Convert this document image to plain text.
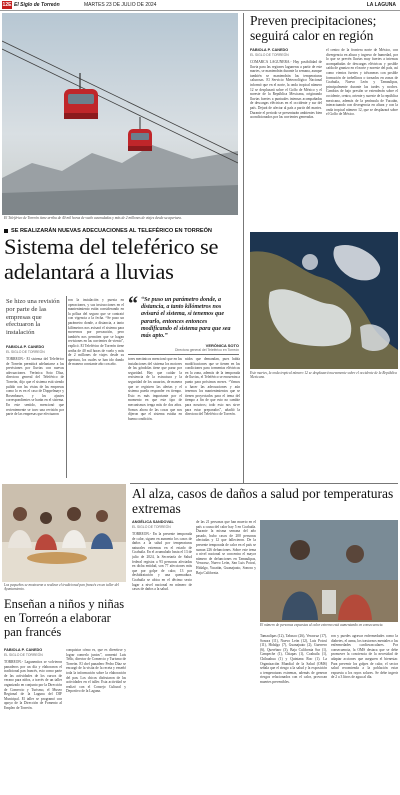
12E El Siglo de Torreón	MARTES 23 DE JULIO DE 2024	LA LAGUNA
El Teleférico de Torreón tiene arriba de 40 mil horas de vuelo acumuladas y más de 2 millones de viajes desde su apertura.
SE REALIZARÁN NUEVAS ADECUACIONES AL TELEFÉRICO EN TORREÓN
Sistema del teleférico se adelantará a lluvias
Se hizo una revisión por parte de las empresas que efectuaron la instalación
FABIOLA P. CANEDO
EL SIGLO DE TORREÓN
TORREÓN.- El sistema del Teleférico de Torreón permitirá adelantarse a las previsiones por lluvias con nuevas adecuaciones. Verónica Soto Díaz, directora general del Teleférico de Torreón, dijo que el sistema está siendo pulido con las vistas de las empresas como lo es en el caso de Doppelmayr y Rosenbauer, y los ajustes correspondientes se harán en el sistema. En este sentido, mencionó que recientemente se tuvo una revisión por parte de las empresas que efectuaron
ron la instalación y puesta en operaciones, y sus instrucciones en el mantenimiento están considerando en la póliza del seguro que se contrató con vigencia a la fecha. “Se puso un parámetro donde, a distancia, a tanto kilómetros nos avisará el sistema para movernos por precaución, pero también nos permiten que se hagan revisiones en las corrientes de viento”, explicó. El Teleférico de Torreón tiene arriba de 40 mil horas de vuelo y más de 2 millones de viajes desde su apertura, los cuales se han ido dando de manera constante año con año.
“ “Se puso un parámetro donde, a distancia, a tanto kilómetros nos avisará el sistema, si tenemos que pararlo, entonces entonces modificando el sistema para que sea más apto.”
VERÓNICA SOTO
Directora general del Teleférico en Torreón
tores mecánicos mencionó que en las instalaciones del sistema los motores de las góndolas tiene que parar por seguridad. Hay que cuidar la resistencia de la estructura y la seguridad de los usuarios, de manera que se registren las alertas y el sistema pueda responder en tiempo. Esto es más importante por el momento en que este tipo de mecanismos tenga más de dos años. Somos ahora de las cosas que nos dijeron que el sistema estaba en buena condición.
nidos que demandan, pues había modificaciones que se tienen en las condiciones para tormentas eléctricas en la zona, además de la temporada de lluvias, el Teleférico se encuentra a punto para próximos meses. “Vamos a hacer las adecuaciones y aún tenemos los mantenimientos que se tienen proyectados para el tema del tiempo a fin de que esto no cambie para nosotros; todo esto nos sirve para estar preparados”, añadió la directora del Teleférico de Torreón.
Preven precipitaciones; seguirá calor en región
FABIOLA P. CANEDO
EL SIGLO DE TORREÓN
COMARCA LAGUNERA.- Hay posibilidad de lluvia para las regiones laguneras a partir de este martes, se mantendrán durante la semana, aunque también se mantendrán las temperaturas calurosas. El Servicio Meteorológico Nacional informó que en el norte, la onda tropical número 12 se desplazará sobre el Golfo de México y el noreste de la República Mexicana, originando lluvias fuertes a puntuales intensas acompañadas de descargas eléctricas en el occidente y sur del país. Dejará de afectar al país a partir del martes. Durante el periodo se presentarán ambientes bien acondicionados por las corrientes generadas.
el centro de la frontera norte de México, con divergencia en altura y ingreso de humedad, por lo que se prevén lluvias muy fuertes a intensas acompañadas de descargas eléctricas y posible caída de granizo en el norte y noreste del país, así como vientos fuertes y tolvaneras con posible formación de torbellinos o tornados en zonas de Coahuila, Nuevo León y Tamaulipas, principalmente durante las tardes y noches. Cambios de bajo presión se extenderán sobre el occidente, centro, oriente y sureste de la república mexicana, además de la península de Yucatán, interactuando con divergencia en altura y con la onda tropical número 12, que se desplazará sobre el Golfo de México.
Este martes, la onda tropical número 12 se desplazará nuevamente sobre el occidente de la República Mexicana.
Al alza, casos de daños a salud por temperaturas extremas
ANGÉLICA SANDOVAL
EL SIGLO DE TORREÓN
TORREÓN.- En la presente temporada de calor, siguen en aumento los casos de daños a la salud por temperaturas naturales extremas en el estado de Coahuila. En el acumulado hasta el 13 de julio de 2024, la Secretaría de Salud federal registra a 93 personas afectadas en dicha entidad, son 77 afecciones más que por golpe de calor, 13 por deshidratación y una quemadura. Coahuila se ubica en el décimo sexto lugar a nivel nacional en número de casos de daños a la salud.
de las 21 personas que han muerto en el país a causa del calor hay 5 en Coahuila. Durante la misma semana del año pasado, hubo casos de 200 personas afectadas y 12 que fallecieron. De la presente temporada de calor en el país se suman 226 defunciones. Sobre este tema a nivel nacional se concentra el mayor número de defunciones en Tamaulipas, Veracruz, Nuevo León, San Luis Potosí, Hidalgo, Yucatán, Guanajuato, Sonora y Baja California.
El número de personas expuestas al calor extremo está aumentando en consecuencia.
Tamaulipas (12), Tabasco (26), Veracruz (17), Sonora (11), Nuevo León (12), Luis Potosí (11), Hidalgo (7), Guanajuato (2), Guerrero (6), Querétaro (3), Baja California Sur (1), Campeche (1), Chiapas (1), Coahuila (1), Chihuahua (1) y Quintana Roo (1). La Organización Mundial de la Salud (OMS) señala que el riesgo a la salud y la exposición a temperaturas extremas, además de generar riesgos relacionados con el calor, provocan muertes prevenibles.
ron y puedes agravar enfermedades como la diabetes, el asma, los trastornos mentales o las enfermedades cardiovasculares. Por consecuencia, la OMS destaca que se debe promover la conciencia de la necesidad de adaptar acciones que aseguren el bienestar. Para prevenir los golpes de calor, el sector salud recomienda a la población estar expuesta a los rayos solares. Se debe ingerir de 2 a 3 litros de agua al día.
Los pequeños se mostraron a realizar el tradicional pan francés en un taller del Ayuntamiento.
Enseñan a niños y niñas en Torreón a elaborar pan francés
FABIOLA P. CANEDO
EL SIGLO DE TORREÓN
TORREÓN.- Lagunenitos se volvieron panaderos por un día y elaboraron el tradicional pan francés, esto como parte de las actividades de los cursos de verano para niños, a través de un taller organizado en conjunto por la Dirección de Comercio y Turismo, el Museo Regional de la Laguna del DIF Municipal. El taller se programó con apoyo de la Dirección de Fomento al Empleo de Torreón.
conquistar cómo es, que es divertirse y lograr comerlo juntos”, comentó Luis Tello, director de Comercio y Turismo de Torreón. El chef panadero Pedro Díaz se encargó de la visita de la receta y enseñó toda la información sobre la elaboración del pan. Los chicos disfrutaron de las actividades en el taller. Esta actividad se realizó con el Consejo Cultural y Deportivo de la Laguna.
